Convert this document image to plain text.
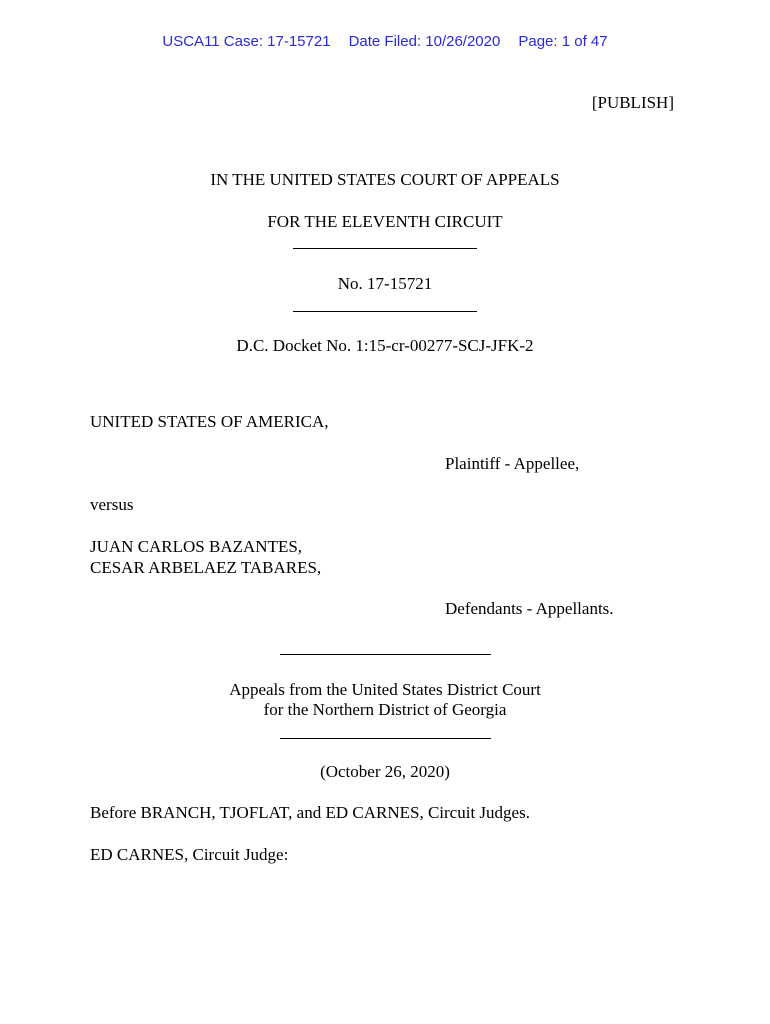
USCA11 Case: 17-15721 Date Filed: 10/26/2020 Page: 1 of 47
[PUBLISH]
IN THE UNITED STATES COURT OF APPEALS
FOR THE ELEVENTH CIRCUIT
No. 17-15721
D.C. Docket No. 1:15-cr-00277-SCJ-JFK-2
UNITED STATES OF AMERICA,
Plaintiff - Appellee,
versus
JUAN CARLOS BAZANTES,
CESAR ARBELAEZ TABARES,
Defendants - Appellants.
Appeals from the United States District Court
for the Northern District of Georgia
(October 26, 2020)
Before BRANCH, TJOFLAT, and ED CARNES, Circuit Judges.
ED CARNES, Circuit Judge:
